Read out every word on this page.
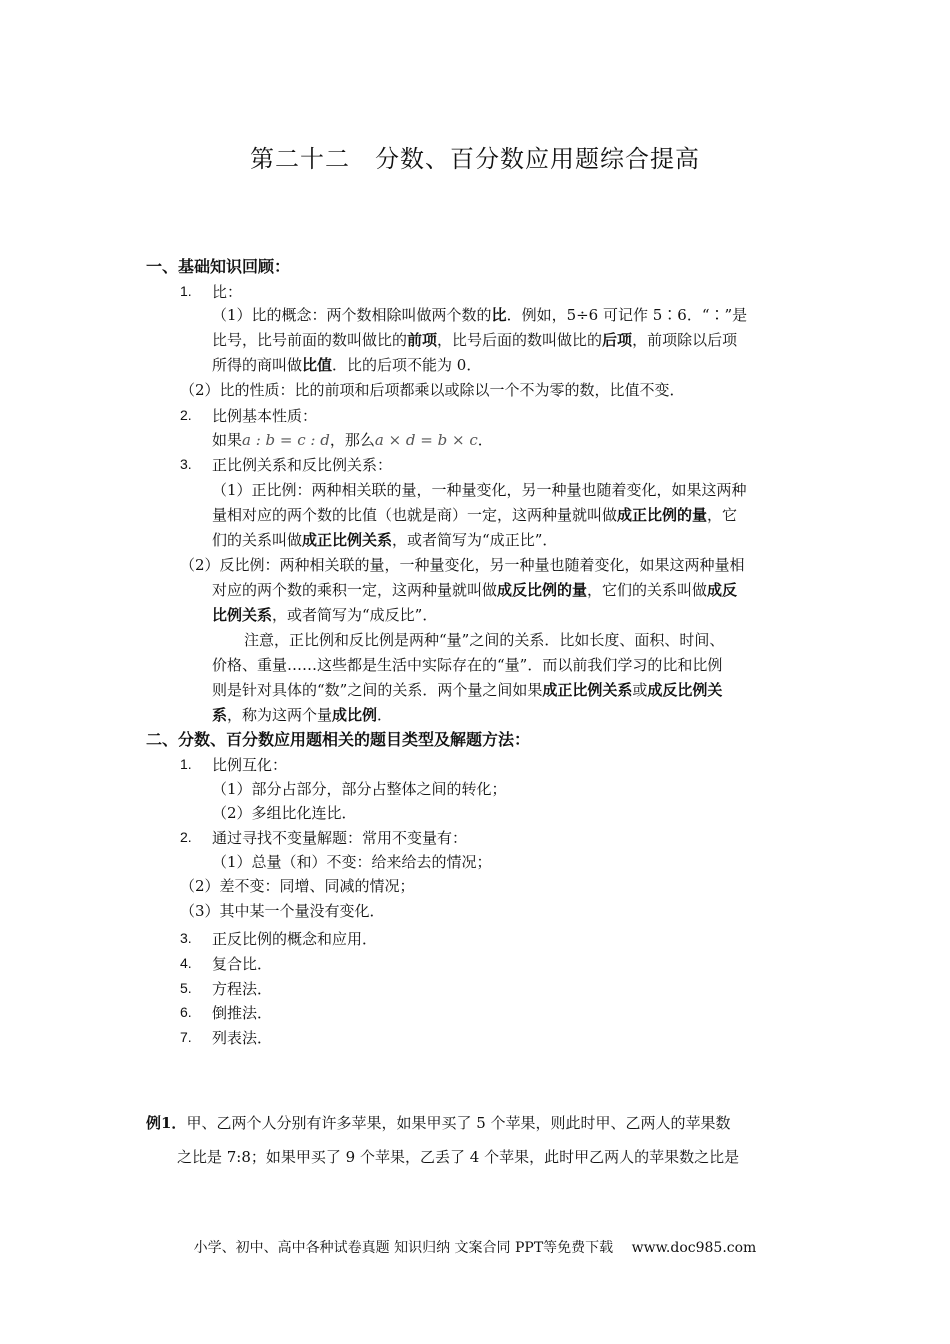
第二十二　分数、百分数应用题综合提高
一、基础知识回顾：
1. 比：
（1）比的概念：两个数相除叫做两个数的比．例如，5÷6 可记作 5∶6．“∶”是
比号，比号前面的数叫做比的前项，比号后面的数叫做比的后项，前项除以后项
所得的商叫做比值．比的后项不能为 0．
（2）比的性质：比的前项和后项都乘以或除以一个不为零的数，比值不变．
2. 比例基本性质：
如果a : b = c : d，那么a × d = b × c．
3. 正比例关系和反比例关系：
（1）正比例：两种相关联的量，一种量变化，另一种量也随着变化，如果这两种
量相对应的两个数的比值（也就是商）一定，这两种量就叫做成正比例的量，它
们的关系叫做成正比例关系，或者简写为“成正比”．
（2）反比例：两种相关联的量，一种量变化，另一种量也随着变化，如果这两种量相
对应的两个数的乘积一定，这两种量就叫做成反比例的量，它们的关系叫做成反
比例关系，或者简写为“成反比”．
注意，正比例和反比例是两种“量”之间的关系．比如长度、面积、时间、
价格、重量……这些都是生活中实际存在的“量”．而以前我们学习的比和比例
则是针对具体的“数”之间的关系．两个量之间如果成正比例关系或成反比例关
系，称为这两个量成比例．
二、分数、百分数应用题相关的题目类型及解题方法：
1. 比例互化：
（1）部分占部分，部分占整体之间的转化；
（2）多组比化连比．
2. 通过寻找不变量解题：常用不变量有：
（1）总量（和）不变：给来给去的情况；
（2）差不变：同增、同减的情况；
（3）其中某一个量没有变化．
3. 正反比例的概念和应用．
4. 复合比．
5. 方程法．
6. 倒推法．
7. 列表法．
例1．甲、乙两个人分别有许多苹果，如果甲买了 5 个苹果，则此时甲、乙两人的苹果数
之比是 7:8；如果甲买了 9 个苹果，乙丢了 4 个苹果，此时甲乙两人的苹果数之比是
小学、初中、高中各种试卷真题 知识归纳 文案合同 PPT等免费下载　 www.doc985.com
